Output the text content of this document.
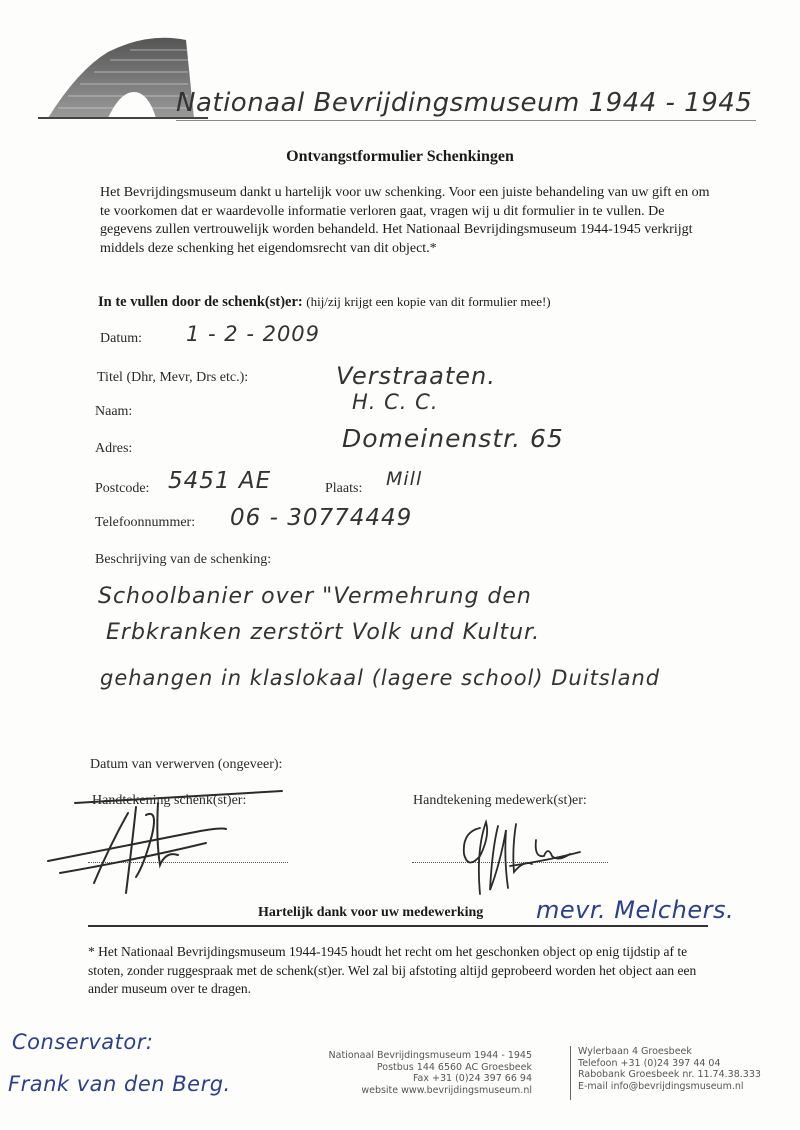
Nationaal Bevrijdingsmuseum 1944 - 1945
Ontvangstformulier Schenkingen
Het Bevrijdingsmuseum dankt u hartelijk voor uw schenking. Voor een juiste behandeling van uw gift en om te voorkomen dat er waardevolle informatie verloren gaat, vragen wij u dit formulier in te vullen. De gegevens zullen vertrouwelijk worden behandeld. Het Nationaal Bevrijdingsmuseum 1944-1945 verkrijgt middels deze schenking het eigendomsrecht van dit object.*
In te vullen door de schenk(st)er: (hij/zij krijgt een kopie van dit formulier mee!)
Datum: 1 - 2 - 2009
Titel (Dhr, Mevr, Drs etc.):	Verstraaten.
Naam:	H. C. C.
Adres:	Domeinenstr. 65
Postcode: 5451 AE	Plaats: Mill
Telefoonnummer: 06 - 30774449
Beschrijving van de schenking:
Schoolbanier over "Vermehrung den
Erbkranken zerstört Volk und Kultur.
gehangen in klaslokaal (lagere school) Duitsland
Datum van verwerven (ongeveer):
Handtekening schenk(st)er:	Handtekening medewerk(st)er:
Hartelijk dank voor uw medewerking mevr. Melchers.
* Het Nationaal Bevrijdingsmuseum 1944-1945 houdt het recht om het geschonken object op enig tijdstip af te stoten, zonder ruggespraak met de schenk(st)er. Wel zal bij afstoting altijd geprobeerd worden het object aan een ander museum over te dragen.
Conservator:
Frank van den Berg.
Nationaal Bevrijdingsmuseum 1944 - 1945
Postbus 144 6560 AC Groesbeek
Fax +31 (0)24 397 66 94
website www.bevrijdingsmuseum.nl
Wylerbaan 4 Groesbeek
Telefoon +31 (0)24 397 44 04
Rabobank Groesbeek nr. 11.74.38.333
E-mail info@bevrijdingsmuseum.nl
